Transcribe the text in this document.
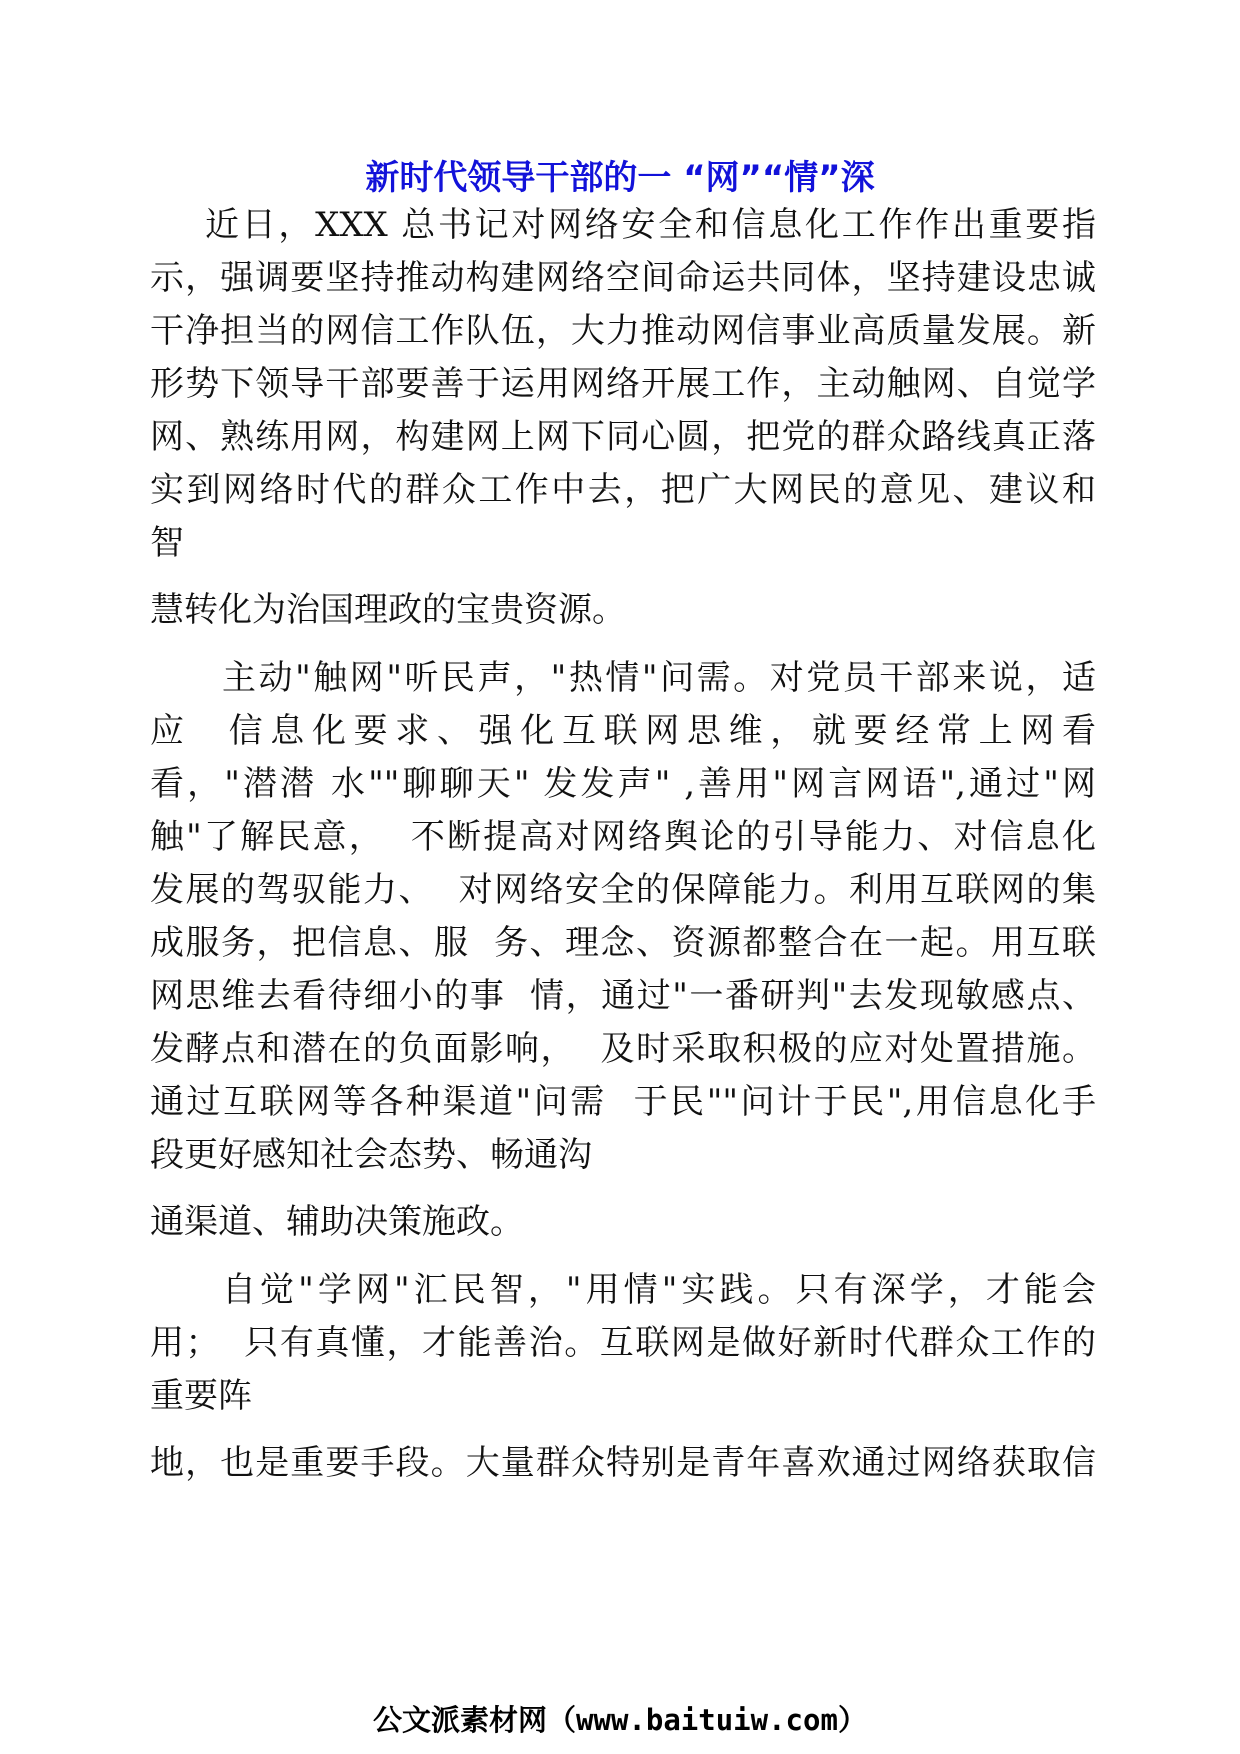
新时代领导干部的一 “网”“情”深
近日，XXX 总书记对网络安全和信息化工作作出重要指
示，强调要坚持推动构建网络空间命运共同体，坚持建设忠诚
干净担当的网信工作队伍，大力推动网信事业高质量发展。新
形势下领导干部要善于运用网络开展工作，主动触网、自觉学
网、熟练用网，构建网上网下同心圆，把党的群众路线真正落
实到网络时代的群众工作中去，把广大网民的意见、建议和
智
慧转化为治国理政的宝贵资源。
主动"触网"听民声，"热情"问需。对党员干部来说，适
应  信息化要求、强化互联网思维，就要经常上网看
看，"潜潜 水""聊聊天" 发发声" ,善用"网言网语",通过"网
触"了解民意，  不断提高对网络舆论的引导能力、对信息化
发展的驾驭能力、  对网络安全的保障能力。利用互联网的集
成服务，把信息、服  务、理念、资源都整合在一起。用互联
网思维去看待细小的事  情，通过"一番研判"去发现敏感点、
发酵点和潜在的负面影响，  及时采取积极的应对处置措施。
通过互联网等各种渠道"问需  于民""问计于民",用信息化手
段更好感知社会态势、畅通沟
通渠道、辅助决策施政。
自觉"学网"汇民智，"用情"实践。只有深学，才能会
用；  只有真懂，才能善治。互联网是做好新时代群众工作的
重要阵
地，也是重要手段。大量群众特别是青年喜欢通过网络获取信
公文派素材网（www.baituiw.com）
